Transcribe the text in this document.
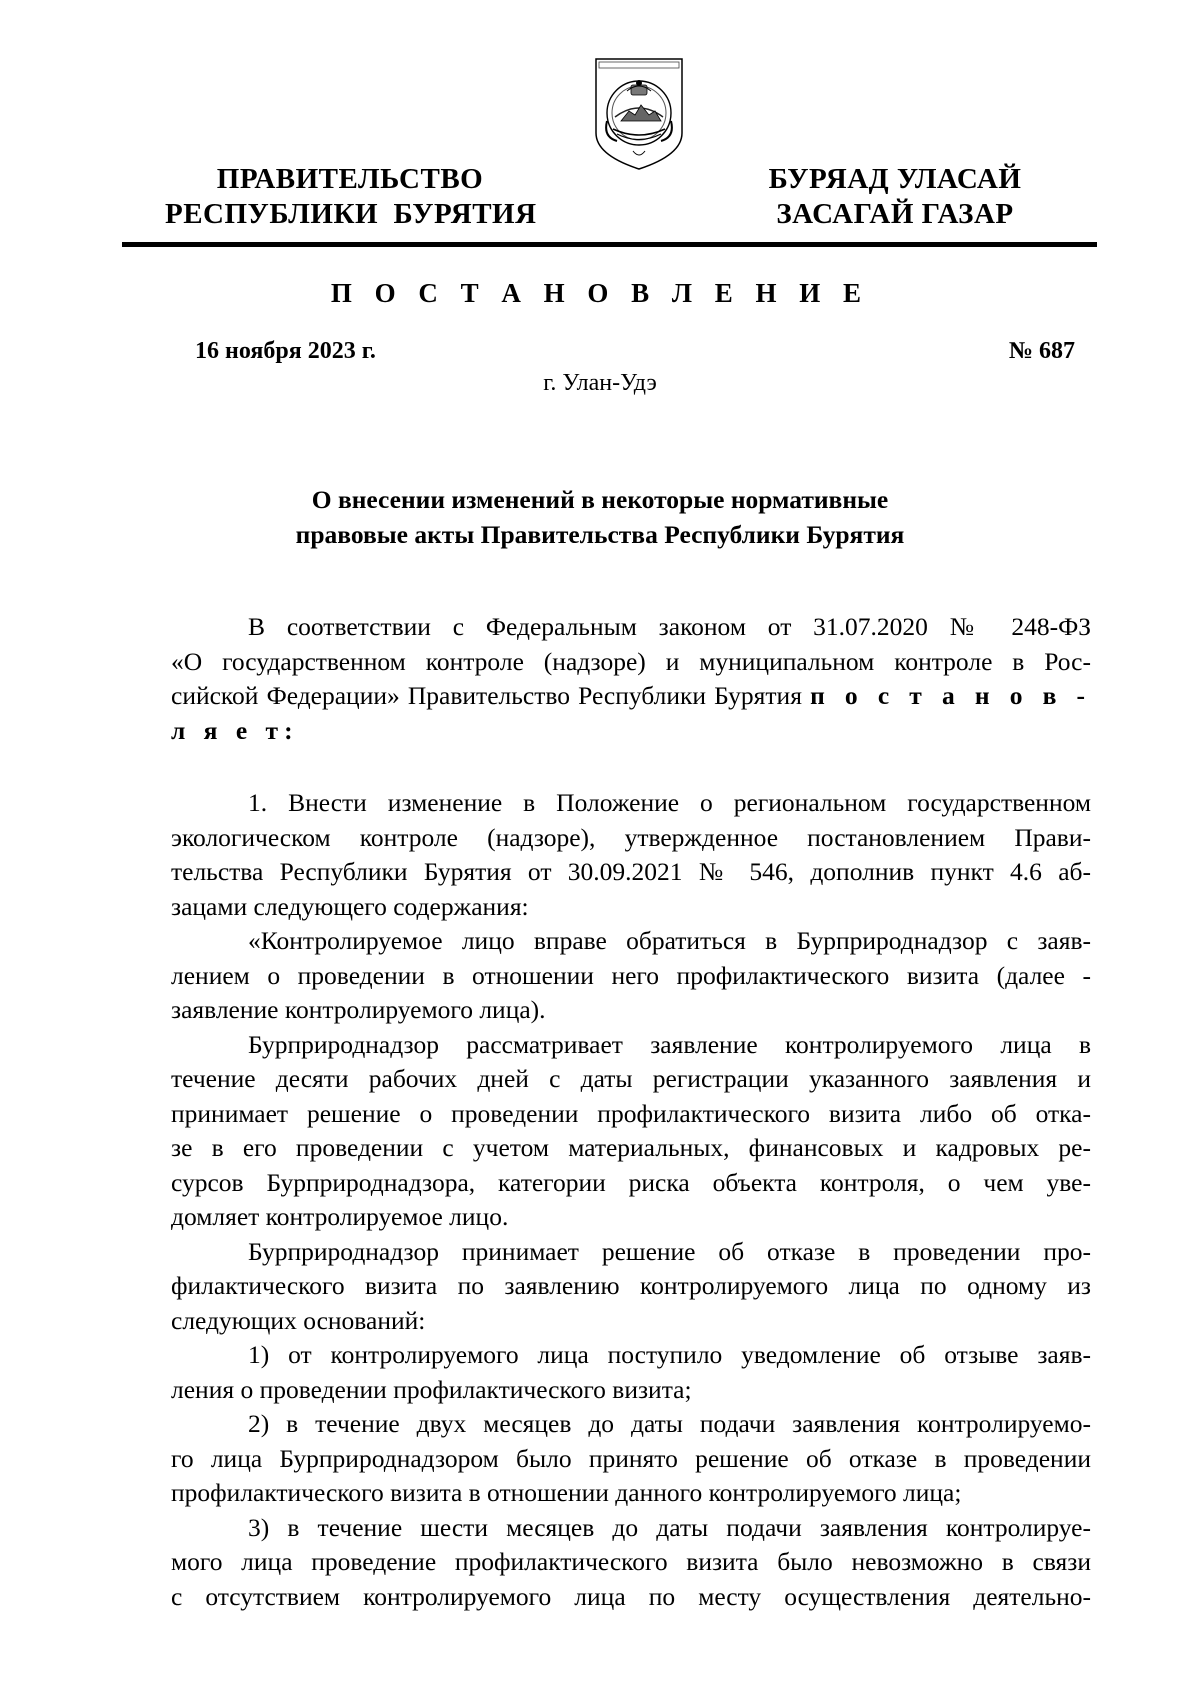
ПРАВИТЕЛЬСТВО
РЕСПУБЛИКИ  БУРЯТИЯ
БУРЯАД УЛАСАЙ
ЗАСАГАЙ ГАЗАР
П О С Т А Н О В Л Е Н И Е
16 ноября 2023 г.	№ 687
г. Улан-Удэ
О внесении изменений в некоторые нормативные
правовые акты Правительства Республики Бурятия
В соответствии с Федеральным законом от 31.07.2020 № 248-ФЗ
«О государственном контроле (надзоре) и муниципальном контроле в Рос-
сийской Федерации» Правительство Республики Бурятия п о с т а н о в -
л я е т:
1. Внести изменение в Положение о региональном государственном
экологическом контроле (надзоре), утвержденное постановлением Прави-
тельства Республики Бурятия от 30.09.2021 № 546, дополнив пункт 4.6 аб-
зацами следующего содержания:
«Контролируемое лицо вправе обратиться в Бурприроднадзор с заяв-
лением о проведении в отношении него профилактического визита (далее -
заявление контролируемого лица).
Бурприроднадзор рассматривает заявление контролируемого лица в
течение десяти рабочих дней с даты регистрации указанного заявления и
принимает решение о проведении профилактического визита либо об отка-
зе в его проведении с учетом материальных, финансовых и кадровых ре-
сурсов Бурприроднадзора, категории риска объекта контроля, о чем уве-
домляет контролируемое лицо.
Бурприроднадзор принимает решение об отказе в проведении про-
филактического визита по заявлению контролируемого лица по одному из
следующих оснований:
1) от контролируемого лица поступило уведомление об отзыве заяв-
ления о проведении профилактического визита;
2) в течение двух месяцев до даты подачи заявления контролируемо-
го лица Бурприроднадзором было принято решение об отказе в проведении
профилактического визита в отношении данного контролируемого лица;
3) в течение шести месяцев до даты подачи заявления контролируе-
мого лица проведение профилактического визита было невозможно в связи
с отсутствием контролируемого лица по месту осуществления деятельно-
